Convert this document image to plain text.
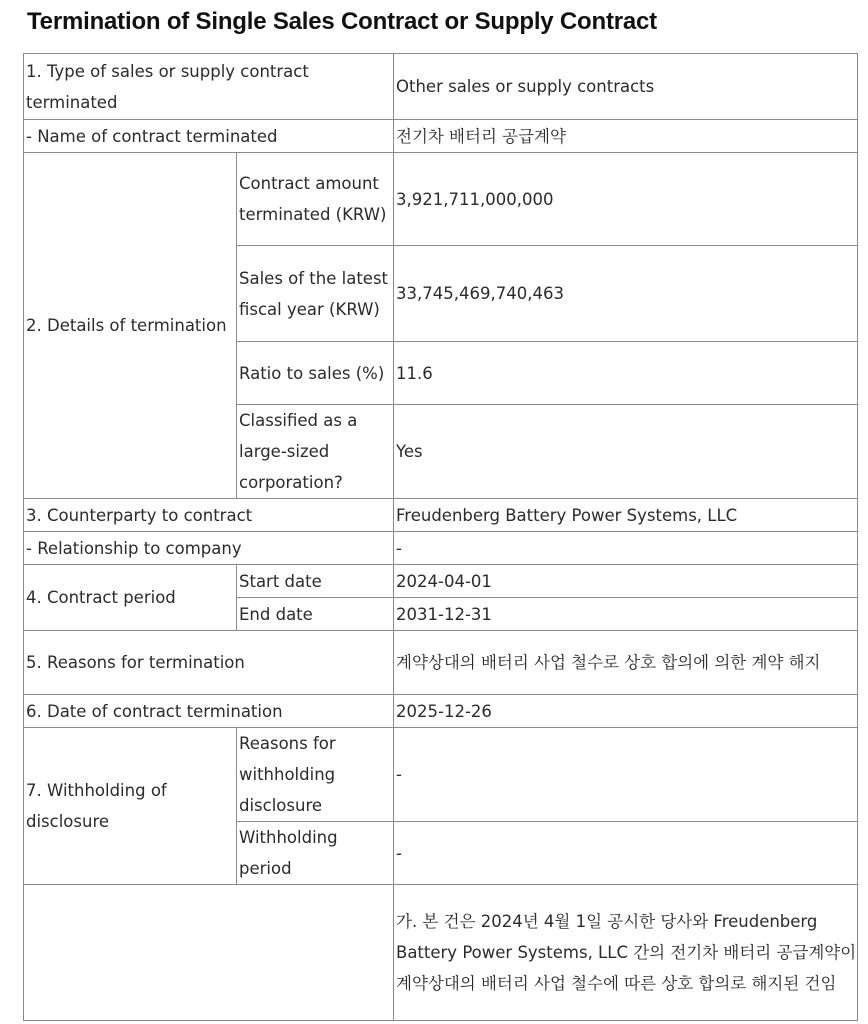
Termination of Single Sales Contract or Supply Contract
1. Type of sales or supply contract terminated		Other sales or supply contracts
- Name of contract terminated		전기차 배터리 공급계약
2. Details of termination	Contract amount terminated (KRW)	3,921,711,000,000
	Sales of the latest fiscal year (KRW)	33,745,469,740,463
	Ratio to sales (%)	11.6
	Classified as a large-sized corporation?	Yes
3. Counterparty to contract		Freudenberg Battery Power Systems, LLC
- Relationship to company		-
4. Contract period	Start date	2024-04-01
	End date	2031-12-31
5. Reasons for termination		계약상대의 배터리 사업 철수로 상호 합의에 의한 계약 해지
6. Date of contract termination		2025-12-26
7. Withholding of disclosure	Reasons for withholding disclosure	-
	Withholding period	-
		가. 본 건은 2024년 4월 1일 공시한 당사와 Freudenberg Battery Power Systems, LLC 간의 전기차 배터리 공급계약이 계약상대의 배터리 사업 철수에 따른 상호 합의로 해지된 건임
